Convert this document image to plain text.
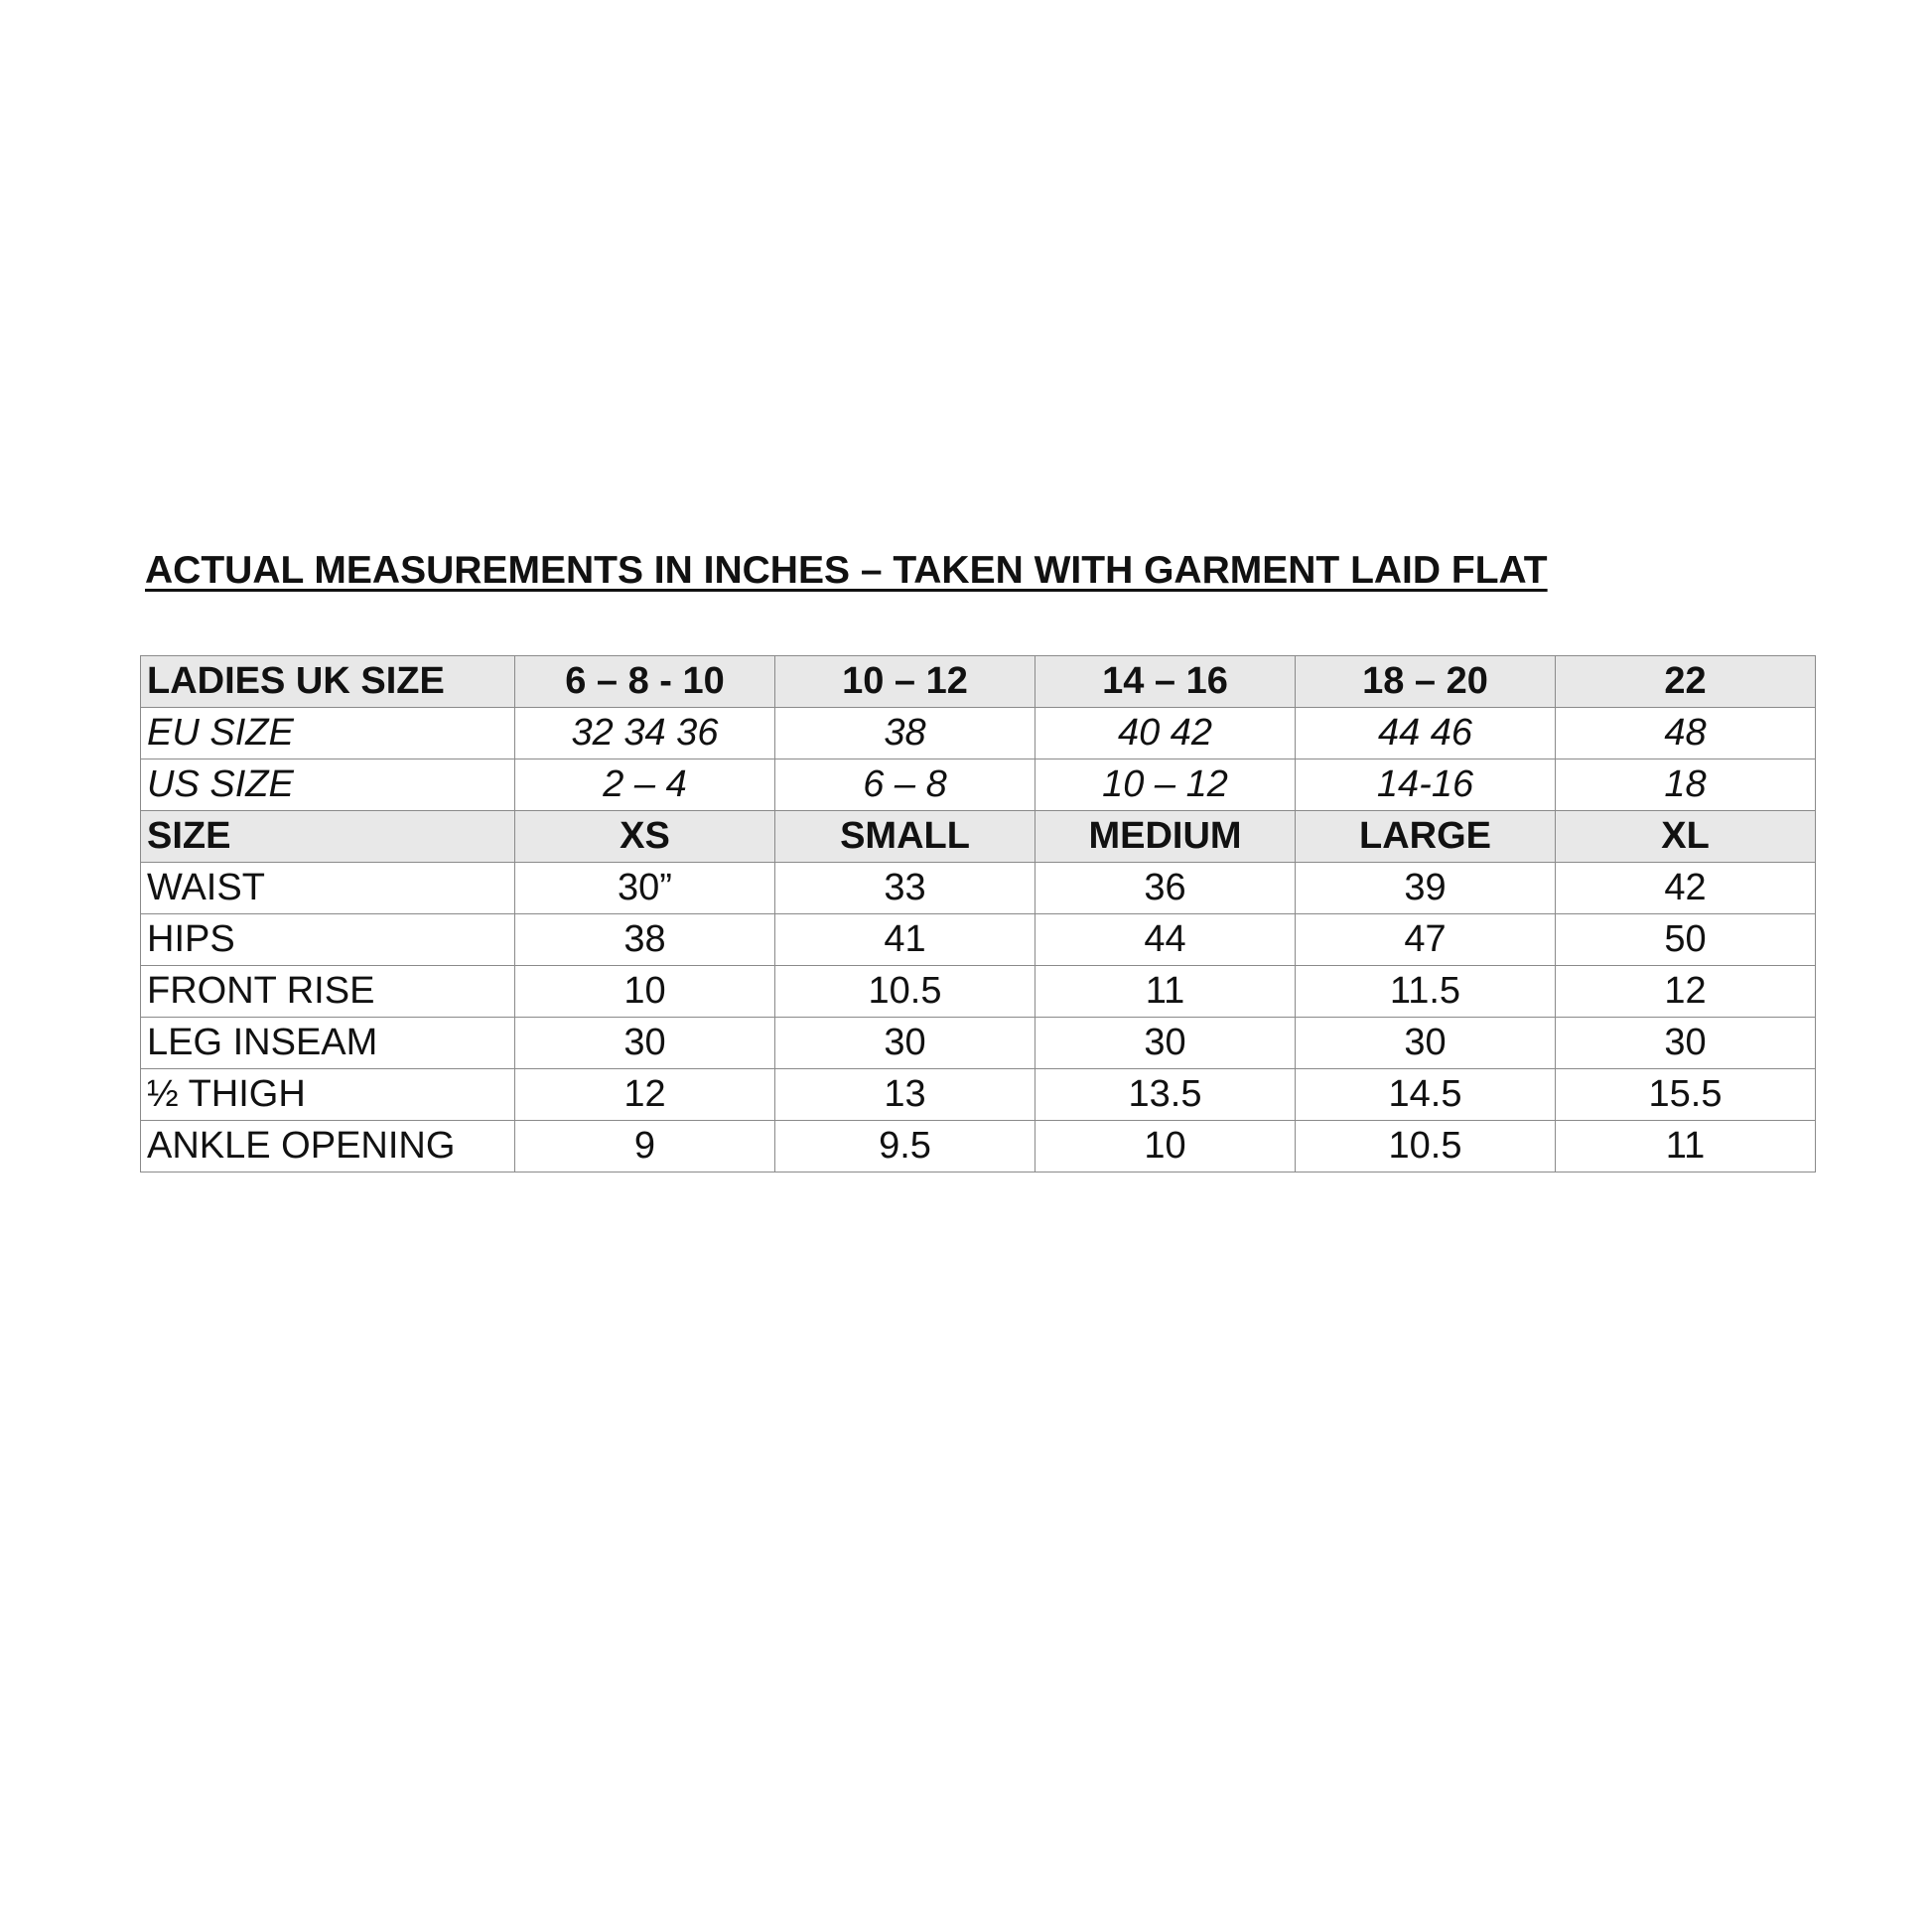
ACTUAL MEASUREMENTS IN INCHES – TAKEN WITH GARMENT LAID FLAT
LADIES UK SIZE	6 – 8 - 10	10 – 12	14 – 16	18 – 20	22
EU SIZE	32 34 36	38	40 42	44 46	48
US SIZE	2 – 4	6 – 8	10 – 12	14-16	18
SIZE	XS	SMALL	MEDIUM	LARGE	XL
WAIST	30”	33	36	39	42
HIPS	38	41	44	47	50
FRONT RISE	10	10.5	11	11.5	12
LEG INSEAM	30	30	30	30	30
½ THIGH	12	13	13.5	14.5	15.5
ANKLE OPENING	9	9.5	10	10.5	11
